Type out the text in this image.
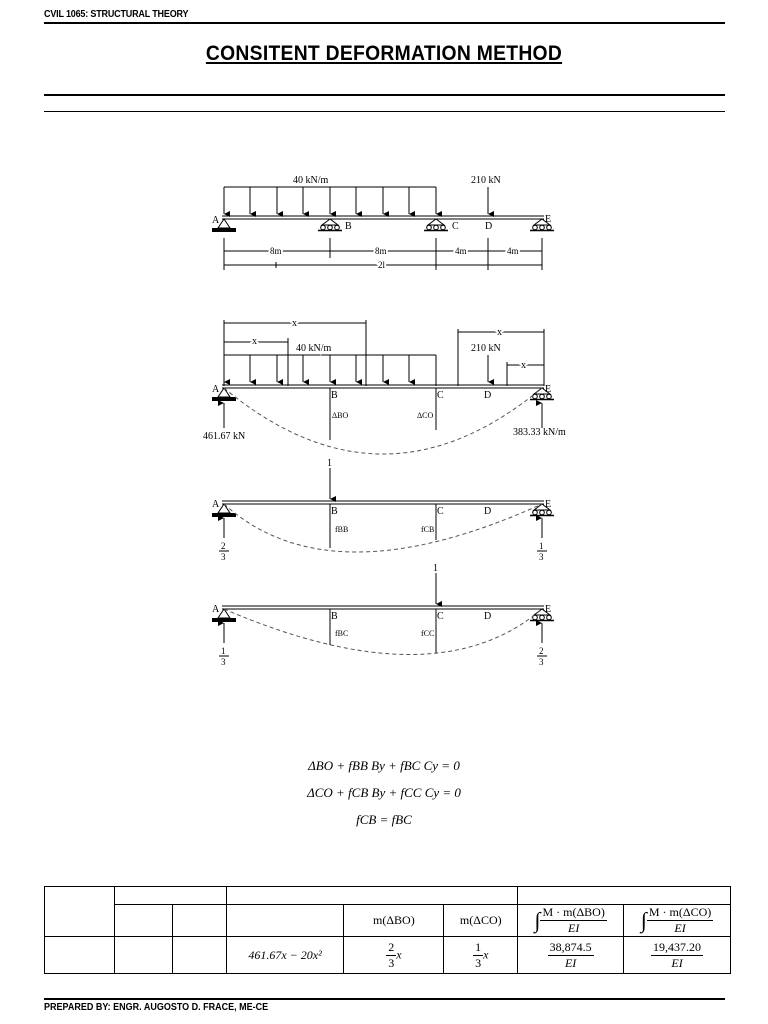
CVIL 1065: STRUCTURAL THEORY
CONSITENT DEFORMATION METHOD
40 kN/m	210 kN
A
B	C	D
E
8m	8m	4m	4m
2l
x
x
x
x
40 kN/m	210 kN
A
B	C	D
E
ΔBO	ΔCO
461.67 kN	383.33 kN/m
1
A
B	C	D
E
fBB	fCB
2
3
1
3
1
A
B	C	D
E
fBC	fCC
1
3
2
3
ΔBO + fBB By + fBC Cy = 0
ΔCO + fCB By + fCC Cy = 0
fCB = fBC

				m(ΔBO)	m(ΔCO)	∫ $\frac{\text{M · m(ΔBO)}}{EI}$	∫ $\frac{\text{M · m(ΔCO)}}{EI}$

			461.67x − 20x²	$\frac{2}{3}$ x	$\frac{1}{3}$ x	$\frac{38,874.5}{EI}$	$\frac{19,437.20}{EI}$
PREPARED BY: ENGR. AUGOSTO D. FRACE, ME-CE
